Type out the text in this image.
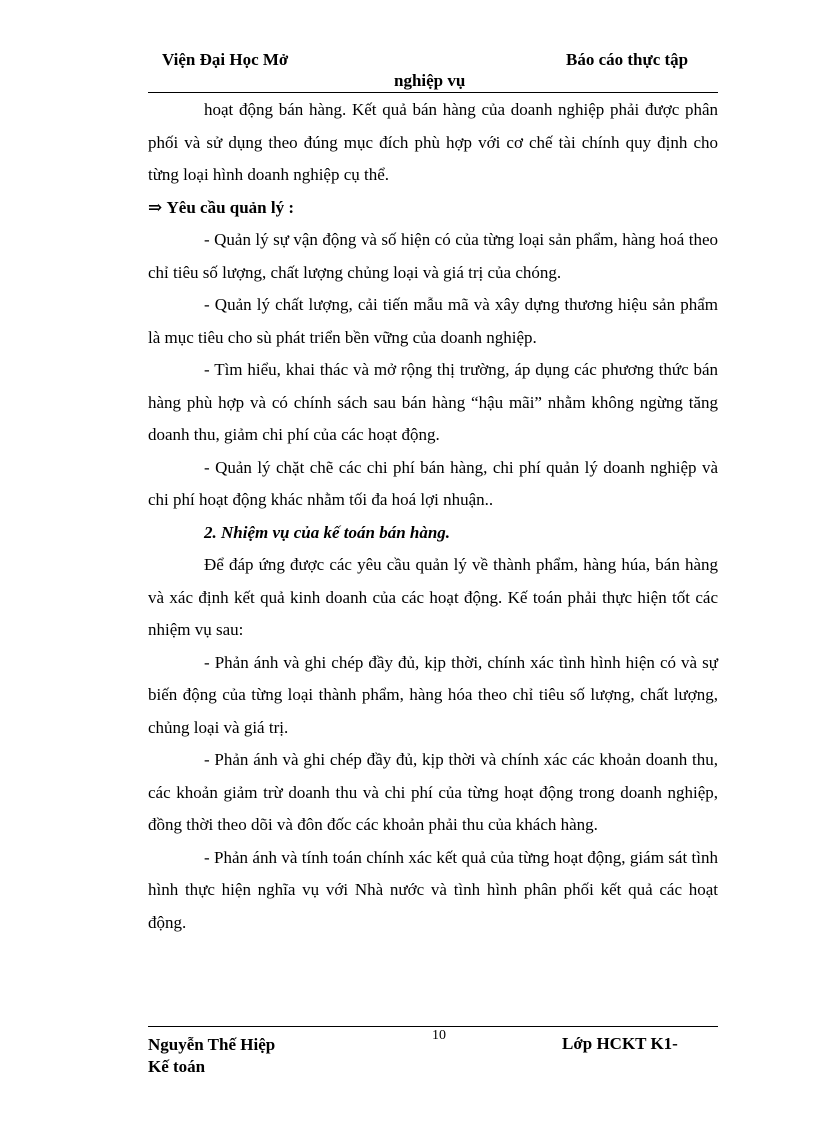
Viện Đại Học Mở	Báo cáo thực tập
nghiệp vụ

hoạt động bán hàng. Kết quả bán hàng của doanh nghiệp phải được phân phối và sử dụng theo đúng mục đích phù hợp với cơ chế tài chính quy định cho từng loại hình doanh nghiệp cụ thể.

⇒ Yêu cầu quản lý :

- Quản lý sự vận động và số hiện có của từng loại sản phẩm, hàng hoá theo chỉ tiêu số lượng, chất lượng chủng loại và giá trị của chóng.

- Quản lý chất lượng, cải tiến mẫu mã và xây dựng thương hiệu sản phẩm là mục tiêu cho sù phát triển bền vững của doanh nghiệp.

- Tìm hiểu, khai thác và mở rộng thị trường, áp dụng các phương thức bán hàng phù hợp và có chính sách sau bán hàng “hậu mãi” nhằm không ngừng tăng doanh thu, giảm chi phí của các hoạt động.

- Quản lý chặt chẽ các chi phí bán hàng, chi phí quản lý doanh nghiệp và chi phí hoạt động khác nhằm tối đa hoá lợi nhuận..

2. Nhiệm vụ của kế toán bán hàng.

Để đáp ứng được các yêu cầu quản lý về thành phẩm, hàng húa, bán hàng và xác định kết quả kinh doanh của các hoạt động. Kế toán phải thực hiện tốt các nhiệm vụ sau:

- Phản ánh và ghi chép đầy đủ, kịp thời, chính xác tình hình hiện có và sự biến động của từng loại thành phẩm, hàng hóa theo chỉ tiêu số lượng, chất lượng, chủng loại và giá trị.

- Phản ánh và ghi chép đầy đủ, kịp thời và chính xác các khoản doanh thu, các khoản giảm trừ doanh thu và chi phí của từng hoạt động trong doanh nghiệp, đồng thời theo dõi và đôn đốc các khoản phải thu của khách hàng.

- Phản ánh và tính toán chính xác kết quả của từng hoạt động, giám sát tình hình thực hiện nghĩa vụ với Nhà nước và tình hình phân phối kết quả các hoạt động.

Nguyễn Thế Hiệp
Kế toán
10	Lớp HCKT K1-
